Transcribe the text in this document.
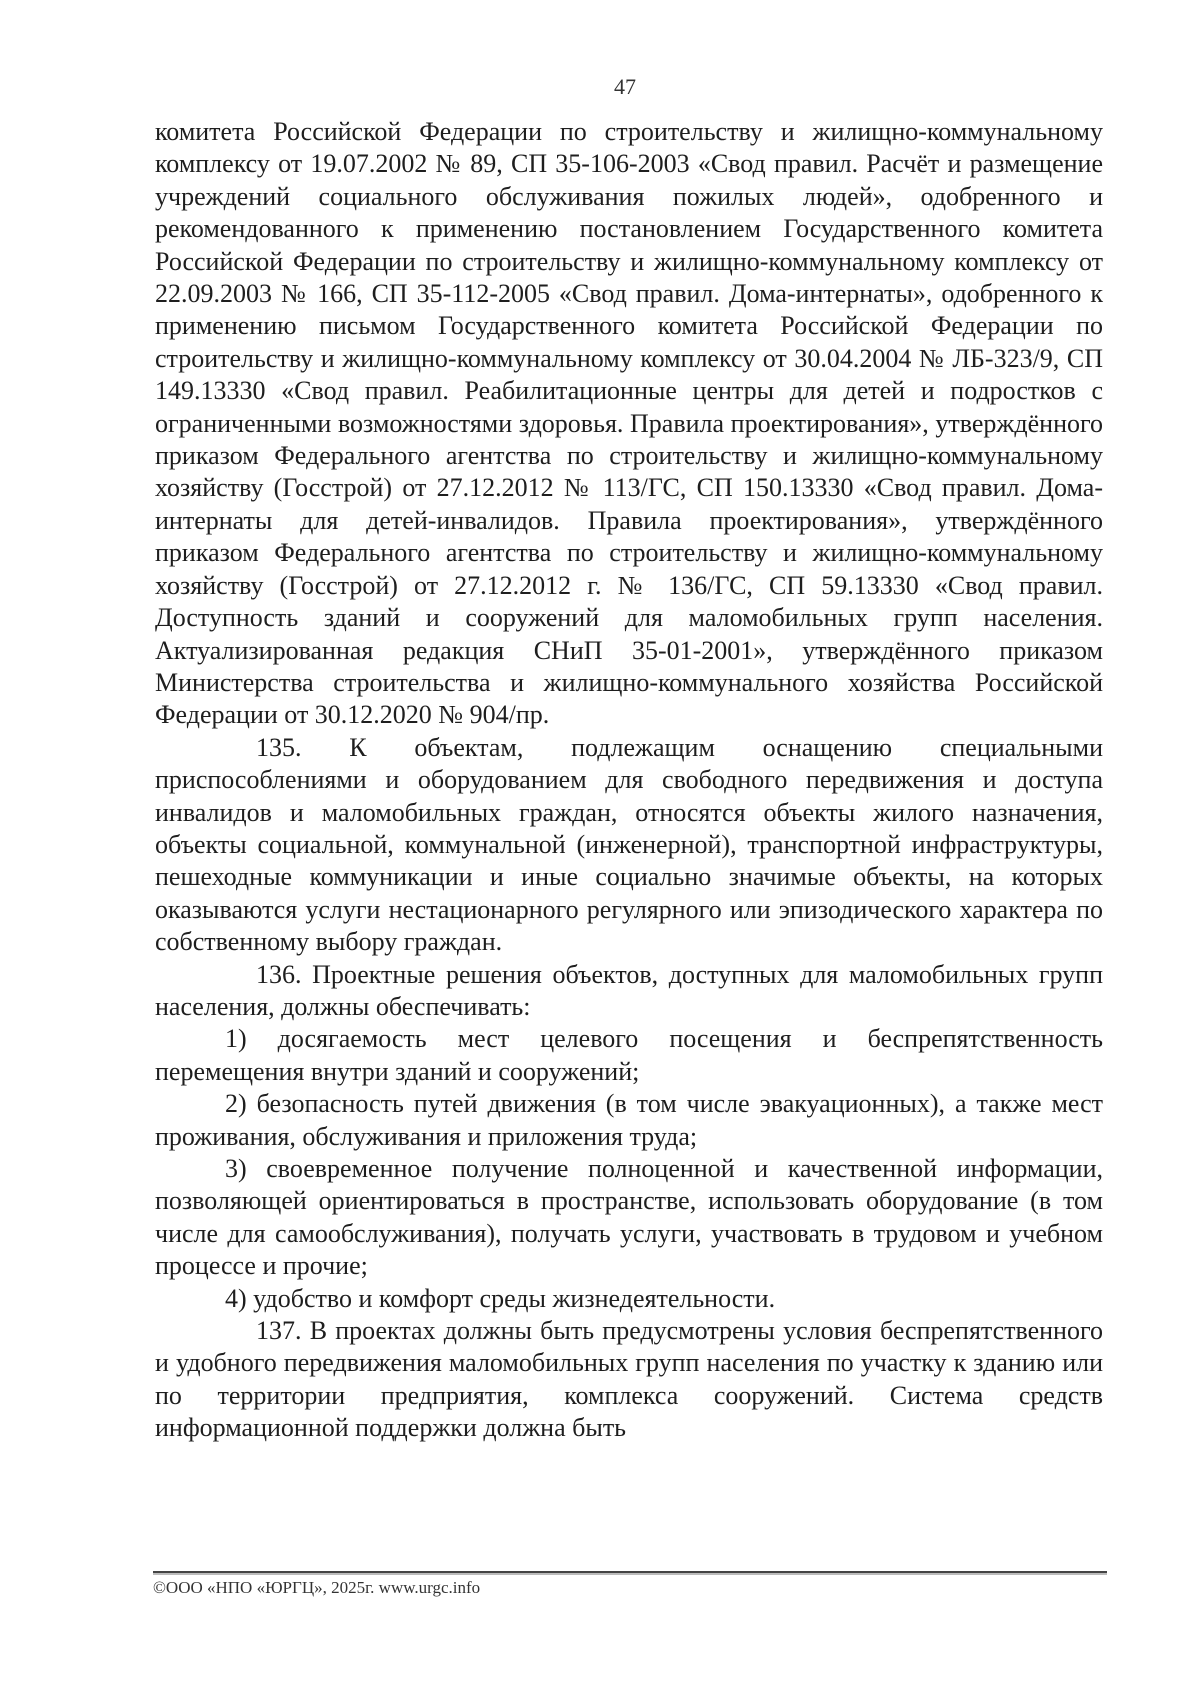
47

комитета Российской Федерации по строительству и жилищно-коммунальному комплексу от 19.07.2002 № 89, СП 35-106-2003 «Свод правил. Расчёт и размещение учреждений социального обслуживания пожилых людей», одобренного и рекомендованного к применению постановлением Государственного комитета Российской Федерации по строительству и жилищно-коммунальному комплексу от 22.09.2003 № 166, СП 35-112-2005 «Свод правил. Дома-интернаты», одобренного к применению письмом Государственного комитета Российской Федерации по строительству и жилищно-коммунальному комплексу от 30.04.2004 № ЛБ-323/9, СП 149.13330 «Свод правил. Реабилитационные центры для детей и подростков с ограниченными возможностями здоровья. Правила проектирования», утверждённого приказом Федерального агентства по строительству и жилищно-коммунальному хозяйству (Госстрой) от 27.12.2012 № 113/ГС, СП 150.13330 «Свод правил. Дома-интернаты для детей-инвалидов. Правила проектирования», утверждённого приказом Федерального агентства по строительству и жилищно-коммунальному хозяйству (Госстрой) от 27.12.2012 г. № 136/ГС, СП 59.13330 «Свод правил. Доступность зданий и сооружений для маломобильных групп населения. Актуализированная редакция СНиП 35-01-2001», утверждённого приказом Министерства строительства и жилищно-коммунального хозяйства Российской Федерации от 30.12.2020 № 904/пр.

135. К объектам, подлежащим оснащению специальными приспособлениями и оборудованием для свободного передвижения и доступа инвалидов и маломобильных граждан, относятся объекты жилого назначения, объекты социальной, коммунальной (инженерной), транспортной инфраструктуры, пешеходные коммуникации и иные социально значимые объекты, на которых оказываются услуги нестационарного регулярного или эпизодического характера по собственному выбору граждан.

136. Проектные решения объектов, доступных для маломобильных групп населения, должны обеспечивать:

1) досягаемость мест целевого посещения и беспрепятственность перемещения внутри зданий и сооружений;

2) безопасность путей движения (в том числе эвакуационных), а также мест проживания, обслуживания и приложения труда;

3) своевременное получение полноценной и качественной информации, позволяющей ориентироваться в пространстве, использовать оборудование (в том числе для самообслуживания), получать услуги, участвовать в трудовом и учебном процессе и прочие;

4) удобство и комфорт среды жизнедеятельности.

137. В проектах должны быть предусмотрены условия беспрепятственного и удобного передвижения маломобильных групп населения по участку к зданию или по территории предприятия, комплекса сооружений. Система средств информационной поддержки должна быть

©ООО «НПО «ЮРГЦ», 2025г. www.urgc.info
